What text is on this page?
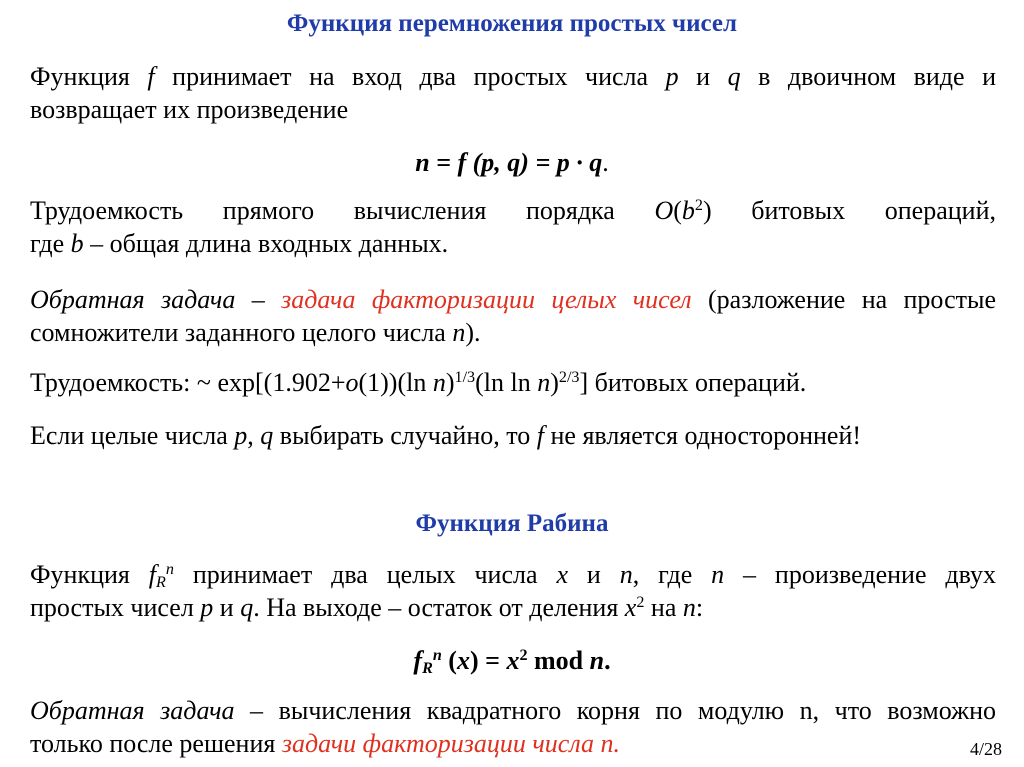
Функция перемножения простых чисел
Функция f принимает на вход два простых числа p и q в двоичном виде и
возвращает их произведение
n = f (p, q) = p · q.
Трудоемкость прямого вычисления порядка $O(b^2)$ битовых операций,
где b – общая длина входных данных.
Обратная задача – задача факторизации целых чисел (разложение на простые
сомножители заданного целого числа n).
Трудоемкость: ~ exp[(1.902+o(1))(ln n)$^{1/3}$(ln ln n)$^{2/3}$] битовых операций.
Если целые числа p, q выбирать случайно, то f не является односторонней!
Функция Рабина
Функция $f_R^n$ принимает два целых числа x и n, где n – произведение двух
простых чисел p и q. На выходе – остаток от деления $x^2$ на n:
$f_R^n$ $(x) = x^2$ mod n.
Обратная задача – вычисления квадратного корня по модулю n, что возможно
только после решения задачи факторизации числа n.	4/28
